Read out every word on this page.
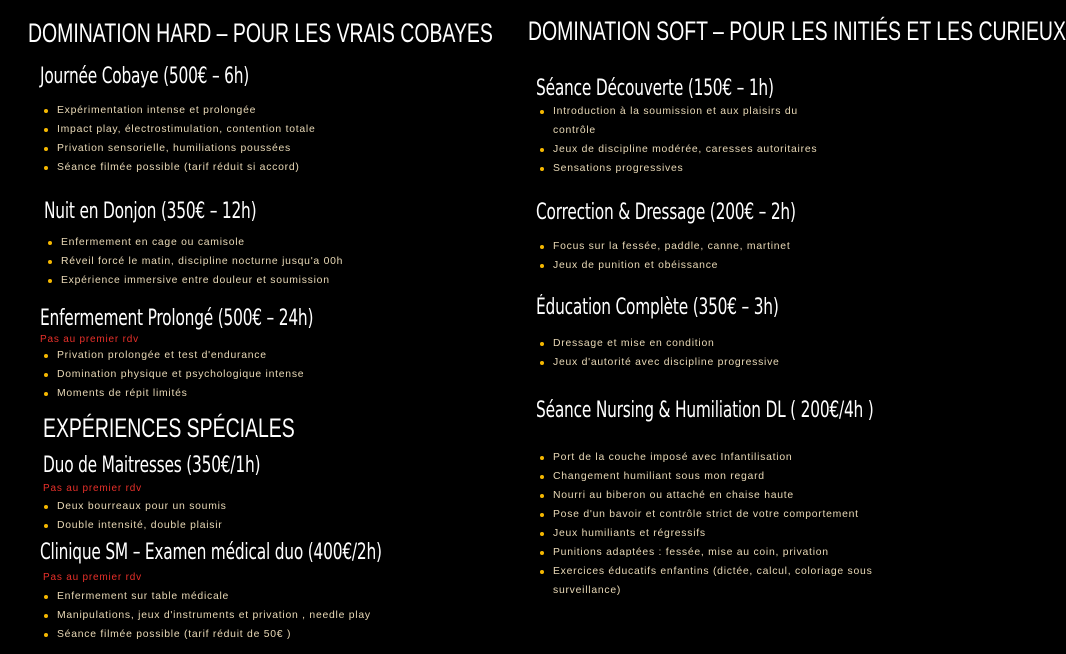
DOMINATION HARD – POUR LES VRAIS COBAYES
Journée Cobaye (500€ – 6h)
Expérimentation intense et prolongée
Impact play, électrostimulation, contention totale
Privation sensorielle, humiliations poussées
Séance filmée possible (tarif réduit si accord)
Nuit en Donjon (350€ – 12h)
Enfermement en cage ou camisole
Réveil forcé le matin, discipline nocturne jusqu'a 00h
Expérience immersive entre douleur et soumission
Enfermement Prolongé (500€ – 24h)

Pas au premier rdv

Privation prolongée et test d'endurance
Domination physique et psychologique intense
Moments de répit limités
EXPÉRIENCES SPÉCIALES
Duo de Maitresses (350€/1h)

Pas au premier rdv

Deux bourreaux pour un soumis
Double intensité, double plaisir
Clinique SM – Examen médical duo (400€/2h)

Pas au premier rdv

Enfermement sur table médicale
Manipulations, jeux d'instruments et privation , needle play
Séance filmée possible (tarif réduit de 50€ )
DOMINATION SOFT – POUR LES INITIÉS ET LES CURIEUX
Séance Découverte (150€ – 1h)
Introduction à la soumission et aux plaisirs du contrôle
Jeux de discipline modérée, caresses autoritaires
Sensations progressives
Correction & Dressage (200€ – 2h)
Focus sur la fessée, paddle, canne, martinet
Jeux de punition et obéissance
Éducation Complète (350€ – 3h)
Dressage et mise en condition
Jeux d'autorité avec discipline progressive
Séance Nursing & Humiliation DL ( 200€/4h )
Port de la couche imposé avec Infantilisation
Changement humiliant sous mon regard
Nourri au biberon ou attaché en chaise haute
Pose d'un bavoir et contrôle strict de votre comportement
Jeux humiliants et régressifs
Punitions adaptées : fessée, mise au coin, privation
Exercices éducatifs enfantins (dictée, calcul, coloriage sous surveillance)
